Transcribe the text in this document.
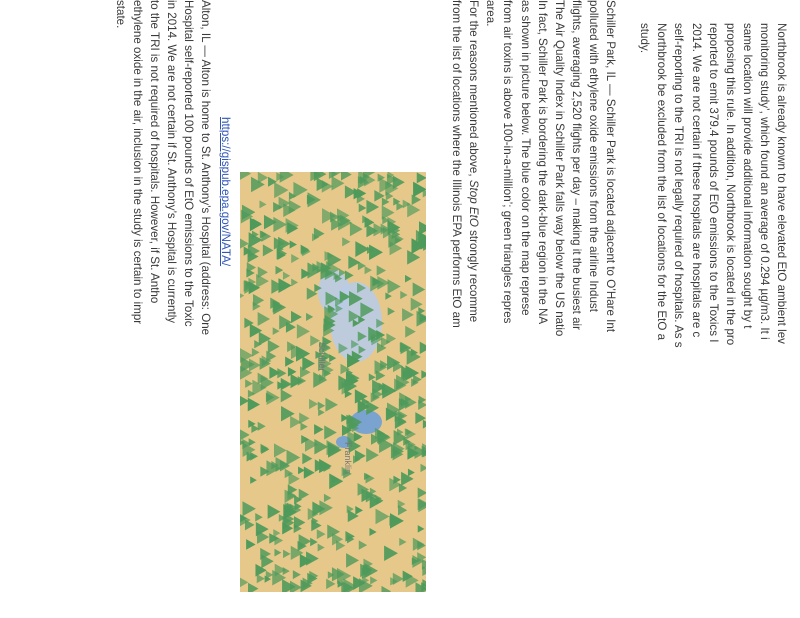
Northbrook is already known to have elevated EtO ambient lev
monitoring study’, which found an average of 0.294 µg/m3. It i
same location will provide additional information sought by t
proposing this rule. In addition, Northbrook is located in the pro
reported to emit 379.4 pounds of EtO emissions to the Toxics I
2014. We are not certain if these hospitals are hospitals are c
self-reporting to the TRI is not legally required of hospitals. As s
Northbrook be excluded from the list of locations for the EtO a
study.
Schiller Park, IL — Schiller Park is located adjacent to O’Hare Int
polluted with ethylene oxide emissions from the airline Indust
flights, averaging 2,520 flights per day – making it the busiest air
The Air Quality Index in Schiller Park falls way below the US natio
In fact, Schiller Park is bordering the dark-blue region in the NA
as shown in picture below. The blue color on the map represe
from air toxins is above 100-in-a-million’; green triangles repres
area.
For the reasons mentioned above, Stop EtO strongly recomme
from the list of locations where the Illinois EPA performs EtO am
https://gispub.epa.gov/NATA/
Schiller
Franklin
Alton, IL — Alton is home to St. Anthony’s Hospital (address: One
Hospital self-reported 100 pounds of EtO emissions to the Toxic
in 2014. We are not certain if St. Anthony’s Hospital is currently
to the TRI is not required of hospitals. However, if St. Antho
ethylene oxide in the air, inclusion in the study is certain to impr
state.
